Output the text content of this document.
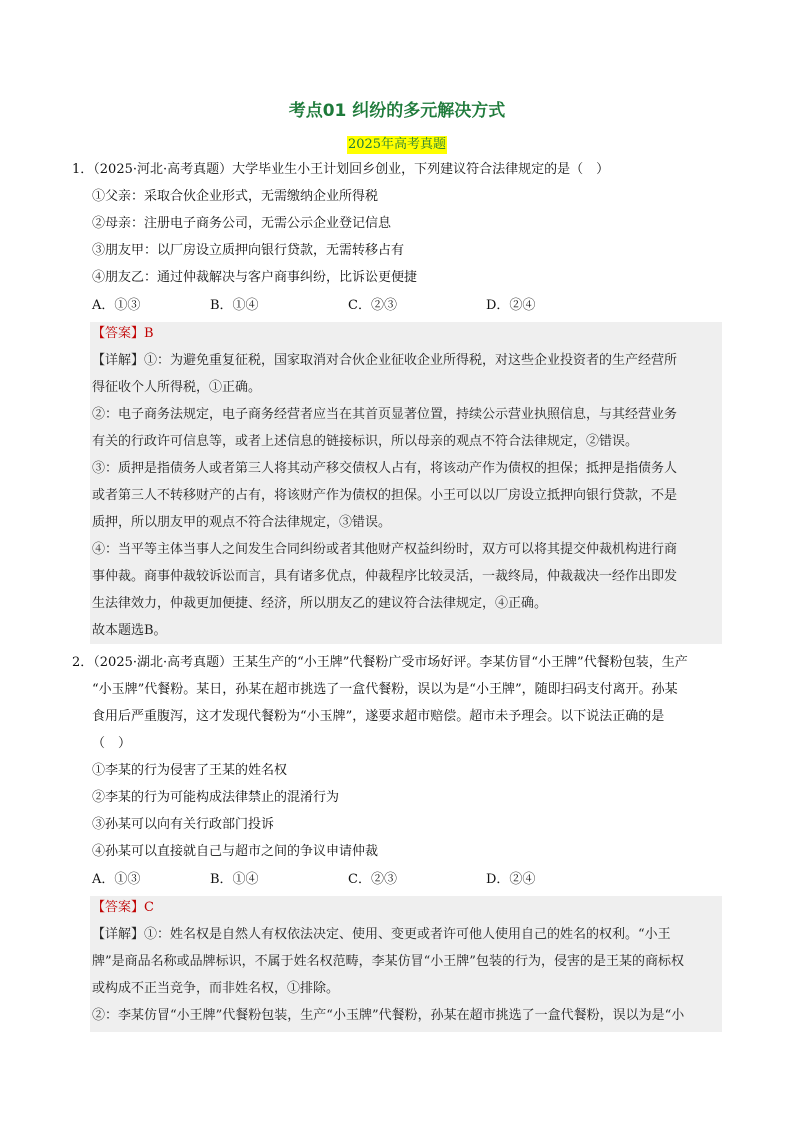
考点01 纠纷的多元解决方式
2025年高考真题
1．（2025·河北·高考真题）大学毕业生小王计划回乡创业，下列建议符合法律规定的是（　）
①父亲：采取合伙企业形式，无需缴纳企业所得税
②母亲：注册电子商务公司，无需公示企业登记信息
③朋友甲：以厂房设立质押向银行贷款，无需转移占有
④朋友乙：通过仲裁解决与客户商事纠纷，比诉讼更便捷
A．①③	B．①④	C．②③	D．②④
【答案】B
【详解】①：为避免重复征税，国家取消对合伙企业征收企业所得税，对这些企业投资者的生产经营所
得征收个人所得税，①正确。
②：电子商务法规定，电子商务经营者应当在其首页显著位置，持续公示营业执照信息，与其经营业务
有关的行政许可信息等，或者上述信息的链接标识，所以母亲的观点不符合法律规定，②错误。
③：质押是指债务人或者第三人将其动产移交债权人占有，将该动产作为债权的担保；抵押是指债务人
或者第三人不转移财产的占有，将该财产作为债权的担保。小王可以以厂房设立抵押向银行贷款，不是
质押，所以朋友甲的观点不符合法律规定，③错误。
④：当平等主体当事人之间发生合同纠纷或者其他财产权益纠纷时，双方可以将其提交仲裁机构进行商
事仲裁。商事仲裁较诉讼而言，具有诸多优点，仲裁程序比较灵活，一裁终局，仲裁裁决一经作出即发
生法律效力，仲裁更加便捷、经济，所以朋友乙的建议符合法律规定，④正确。
故本题选B。
2．（2025·湖北·高考真题）王某生产的“小王牌”代餐粉广受市场好评。李某仿冒“小王牌”代餐粉包装，生产
“小玉牌”代餐粉。某日，孙某在超市挑选了一盒代餐粉，误以为是“小王牌”，随即扫码支付离开。孙某
食用后严重腹泻，这才发现代餐粉为“小玉牌”，遂要求超市赔偿。超市未予理会。以下说法正确的是
（　）
①李某的行为侵害了王某的姓名权
②李某的行为可能构成法律禁止的混淆行为
③孙某可以向有关行政部门投诉
④孙某可以直接就自己与超市之间的争议申请仲裁
A．①③	B．①④	C．②③	D．②④
【答案】C
【详解】①：姓名权是自然人有权依法决定、使用、变更或者许可他人使用自己的姓名的权利。“小王
牌”是商品名称或品牌标识，不属于姓名权范畴，李某仿冒“小王牌”包装的行为，侵害的是王某的商标权
或构成不正当竞争，而非姓名权，①排除。
②：李某仿冒“小王牌”代餐粉包装，生产“小玉牌”代餐粉，孙某在超市挑选了一盒代餐粉，误以为是“小
